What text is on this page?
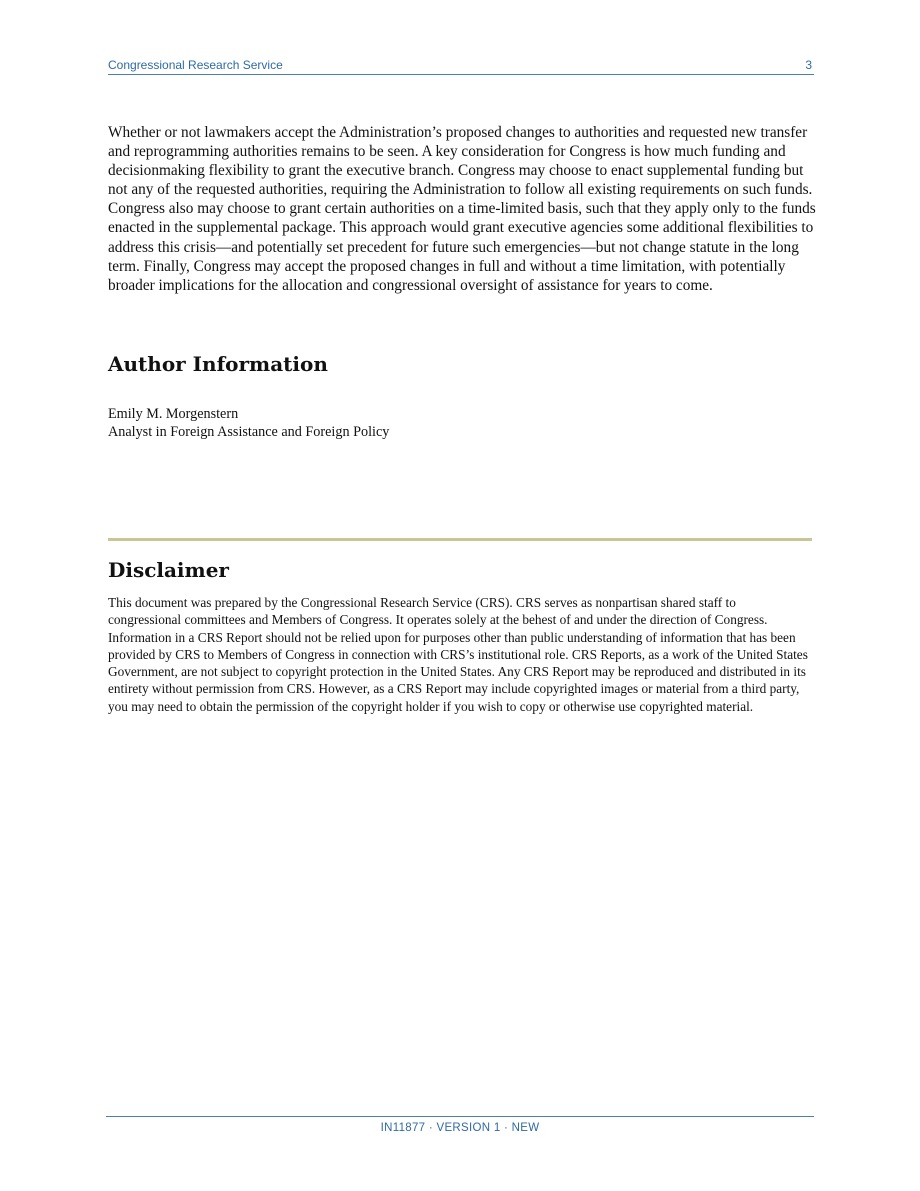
Congressional Research Service	3

Whether or not lawmakers accept the Administration’s proposed changes to authorities and requested new transfer and reprogramming authorities remains to be seen. A key consideration for Congress is how much funding and decisionmaking flexibility to grant the executive branch. Congress may choose to enact supplemental funding but not any of the requested authorities, requiring the Administration to follow all existing requirements on such funds. Congress also may choose to grant certain authorities on a time-limited basis, such that they apply only to the funds enacted in the supplemental package. This approach would grant executive agencies some additional flexibilities to address this crisis—and potentially set precedent for future such emergencies—but not change statute in the long term. Finally, Congress may accept the proposed changes in full and without a time limitation, with potentially broader implications for the allocation and congressional oversight of assistance for years to come.

Author Information
Emily M. Morgenstern
Analyst in Foreign Assistance and Foreign Policy
Disclaimer

This document was prepared by the Congressional Research Service (CRS). CRS serves as nonpartisan shared staff to congressional committees and Members of Congress. It operates solely at the behest of and under the direction of Congress. Information in a CRS Report should not be relied upon for purposes other than public understanding of information that has been provided by CRS to Members of Congress in connection with CRS’s institutional role. CRS Reports, as a work of the United States Government, are not subject to copyright protection in the United States. Any CRS Report may be reproduced and distributed in its entirety without permission from CRS. However, as a CRS Report may include copyrighted images or material from a third party, you may need to obtain the permission of the copyright holder if you wish to copy or otherwise use copyrighted material.

IN11877 · VERSION 1 · NEW
